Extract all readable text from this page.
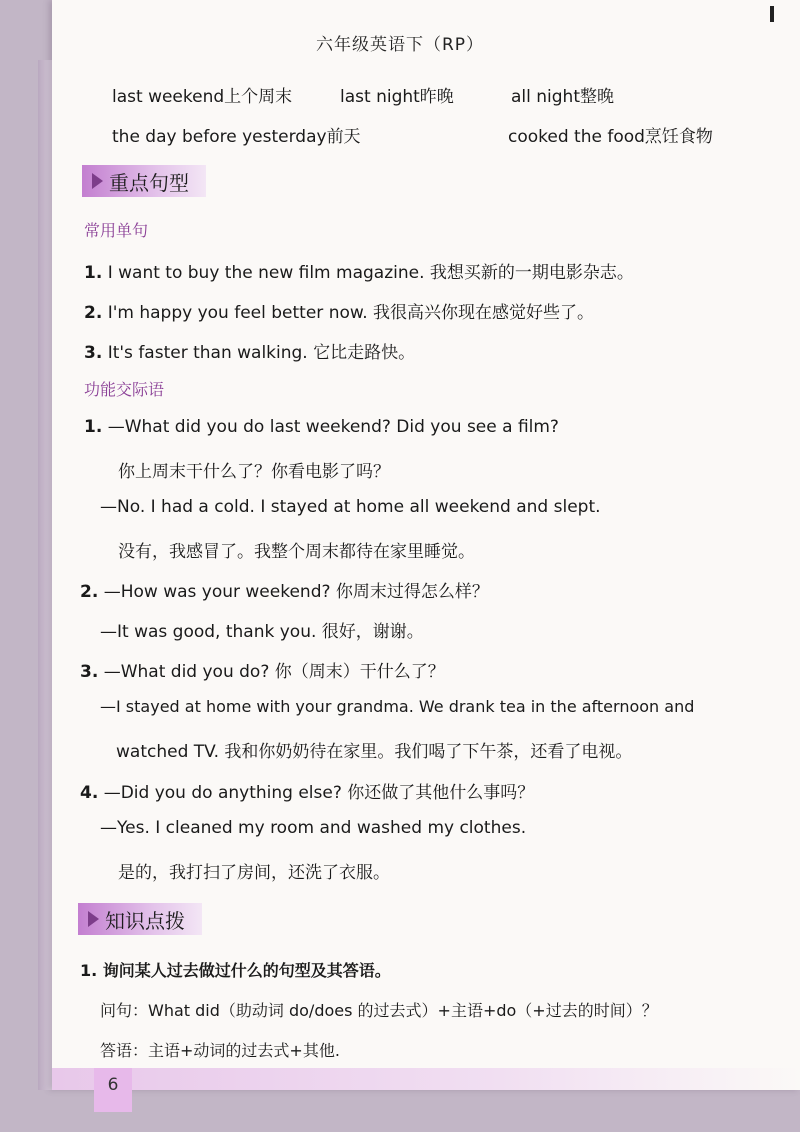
6
六年级英语下（RP）
last weekend上个周末	last night昨晚	all night整晚
the day before yesterday前天	cooked the food烹饪食物
重点句型
常用单句
1. I want to buy the new film magazine. 我想买新的一期电影杂志。
2. I'm happy you feel better now. 我很高兴你现在感觉好些了。
3. It's faster than walking. 它比走路快。
功能交际语
1. —What did you do last weekend? Did you see a film?
你上周末干什么了？你看电影了吗？
—No. I had a cold. I stayed at home all weekend and slept.
没有，我感冒了。我整个周末都待在家里睡觉。
2. —How was your weekend? 你周末过得怎么样？
—It was good, thank you. 很好，谢谢。
3. —What did you do? 你（周末）干什么了？
—I stayed at home with your grandma. We drank tea in the afternoon and
watched TV. 我和你奶奶待在家里。我们喝了下午茶，还看了电视。
4. —Did you do anything else? 你还做了其他什么事吗？
—Yes. I cleaned my room and washed my clothes.
是的，我打扫了房间，还洗了衣服。
知识点拨
1. 询问某人过去做过什么的句型及其答语。
问句：What did（助动词 do/does 的过去式）+主语+do（+过去的时间）？
答语：主语+动词的过去式+其他.
